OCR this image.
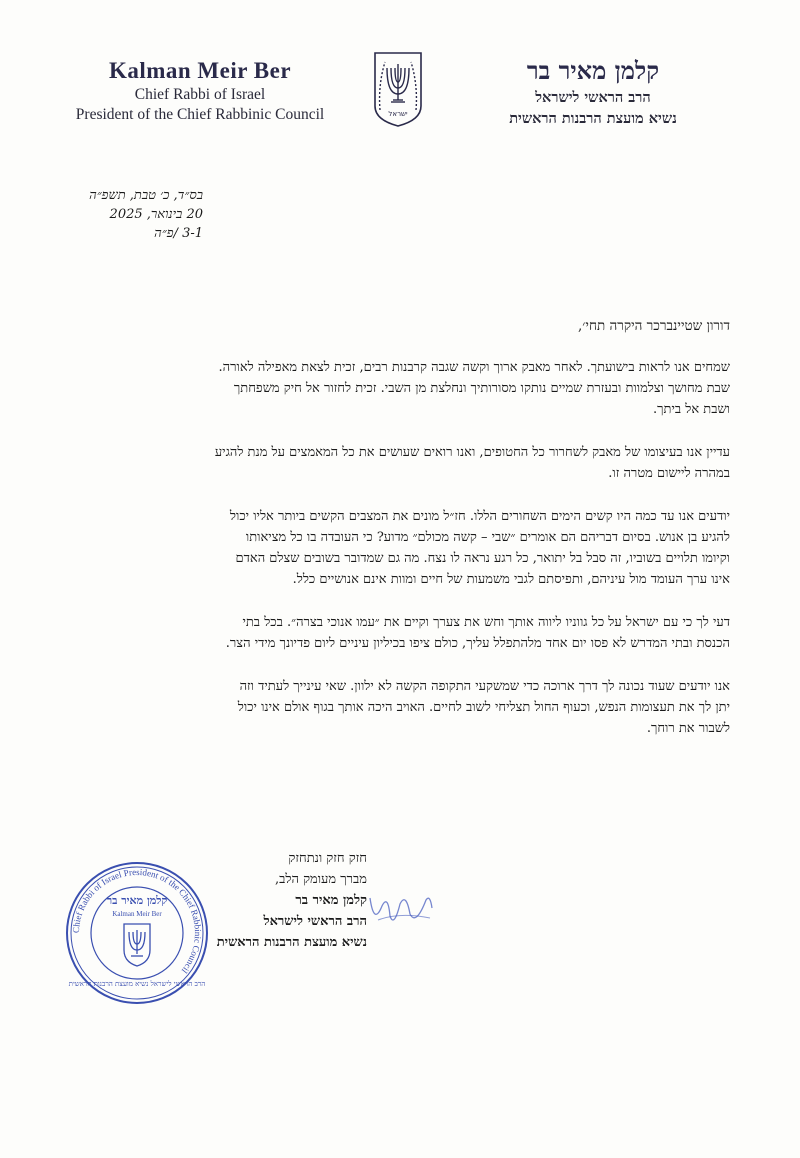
Kalman Meir Ber
Chief Rabbi of Israel
President of the Chief Rabbinic Council	ישראל
קלמן מאיר בר
הרב הראשי לישראל
נשיא מועצת הרבנות הראשית
בס״ד, כ׳ טבת, תשפ״ה
20 בינואר, 2025
3-1 /פ״ה
דורון שטיינברכר היקרה תחי׳,

שמחים אנו לראות בישועתך. לאחר מאבק ארוך וקשה שגבה קרבנות רבים, זכית לצאת מאפילה לאורה.
שבת מחושך וצלמוות ובעזרת שמיים נותקו מסורותיך ונחלצת מן השבי. זכית לחזור אל חיק משפחתך
ושבת אל ביתך.

עדיין אנו בעיצומו של מאבק לשחרור כל החטופים, ואנו רואים שעושים את כל המאמצים על מנת להגיע
במהרה ליישום מטרה זו.

יודעים אנו עד כמה היו קשים הימים השחורים הללו. חז״ל מונים את המצבים הקשים ביותר אליו יכול
להגיע בן אנוש. בסיום דבריהם הם אומרים ״שבי – קשה מכולם״ מדוע? כי העובדה בו כל מציאותו
וקיומו תלויים בשוביו, זה סבל בל יתואר, כל רגע נראה לו נצח. מה גם שמדובר בשובים שצלם האדם
אינו ערך העומד מול עיניהם, ותפיסתם לגבי משמעות של חיים ומוות אינם אנושיים כלל.

דעי לך כי עם ישראל על כל גווניו ליווה אותך וחש את צערך וקיים את ״עמו אנוכי בצרה״. בכל בתי
הכנסת ובתי המדרש לא פסו יום אחד מלהתפלל עליך, כולם ציפו בכיליון עיניים ליום פדיונך מידי הצר.

אנו יודעים שעוד נכונה לך דרך ארוכה כדי שמשקעי התקופה הקשה לא ילוון. שאי עינייך לעתיד וזה
יתן לך את תעצומות הנפש, וכעוף החול תצליחי לשוב לחיים. האויב היכה אותך בגוף אולם אינו יכול
לשבור את רוחך.

חזק חזק ונתחזק
מברך מעומק הלב,
קלמן מאיר בר
הרב הראשי לישראל
נשיא מועצת הרבנות הראשית
Chief Rabbi of Israel President of the Chief Rabbinic Council
קלמן מאיר בר
Kalman Meir Ber
הרב הראשי לישראל נשיא מועצת הרבנות הראשית
